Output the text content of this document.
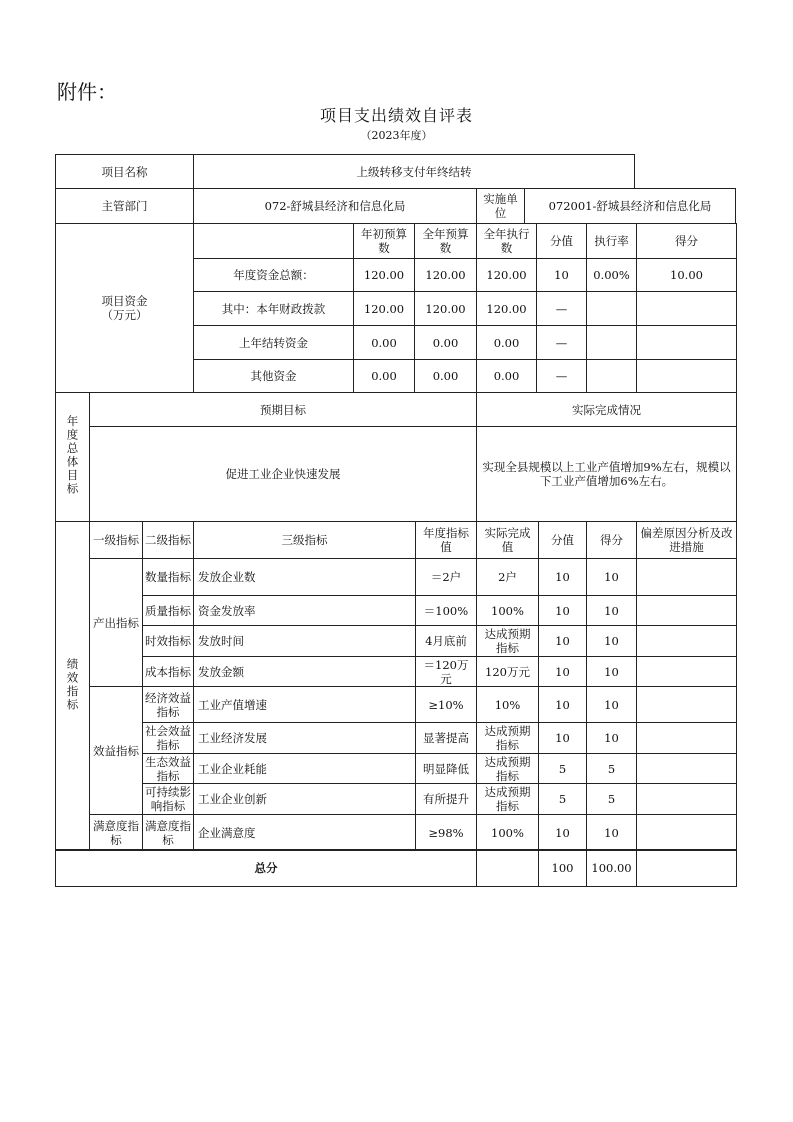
附件：
项目支出绩效自评表
（2023年度）
项目名称	上级转移支付年终结转		
主管部门	072-舒城县经济和信息化局	实施单位	072001-舒城县经济和信息化局
项目资金
（万元）		年初预算数	全年预算数	全年执行数	分值	执行率	得分
	年度资金总额：	120.00	120.00	120.00	10	0.00%	10.00
	其中：本年财政拨款	120.00	120.00	120.00	—		
	上年结转资金	0.00	0.00	0.00	—		
	其他资金	0.00	0.00	0.00	—		
年度总体目标	预期目标	实际完成情况
	促进工业企业快速发展	实现全县规模以上工业产值增加9%左右，规模以下工业产值增加6%左右。
绩效指标	一级指标	二级指标	三级指标	年度指标值	实际完成值	分值	得分	偏差原因分析及改进措施
	产出指标	数量指标	发放企业数	＝2户	2户	10	10	
		质量指标	资金发放率	＝100%	100%	10	10	
		时效指标	发放时间	4月底前	达成预期指标	10	10	
		成本指标	发放金额	＝120万元	120万元	10	10	
	效益指标	经济效益指标	工业产值增速	≥10%	10%	10	10	
		社会效益指标	工业经济发展	显著提高	达成预期指标	10	10	
		生态效益指标	工业企业耗能	明显降低	达成预期指标	5	5	
		可持续影响指标	工业企业创新	有所提升	达成预期指标	5	5	
	满意度指标	满意度指标	企业满意度	≥98%	100%	10	10	
总分		100	100.00	
